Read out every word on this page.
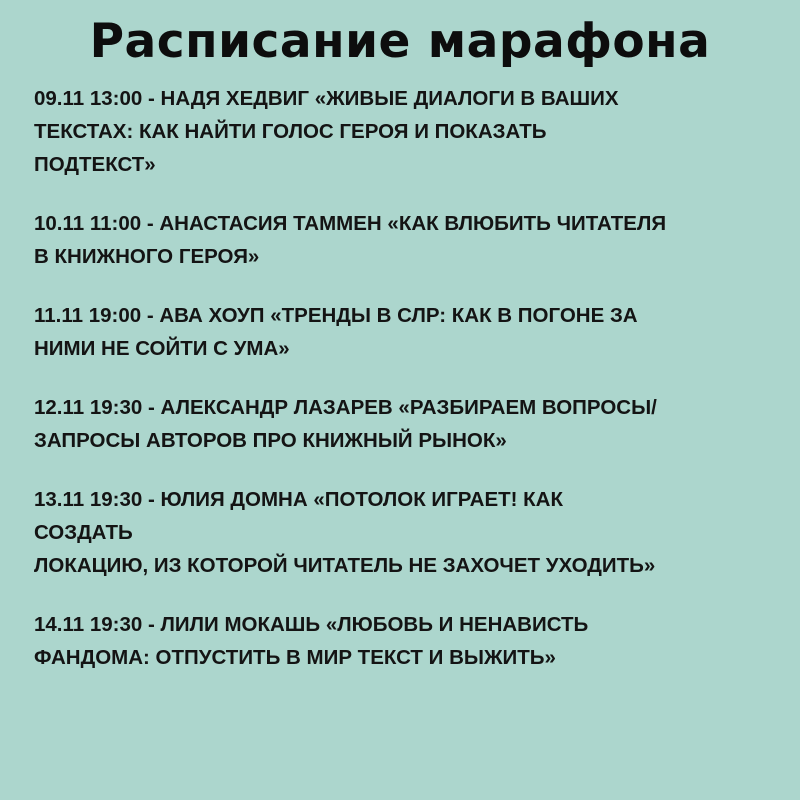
Расписание марафона
09.11 13:00 - НАДЯ ХЕДВИГ «ЖИВЫЕ ДИАЛОГИ В ВАШИХ
ТЕКСТАХ: КАК НАЙТИ ГОЛОС ГЕРОЯ И ПОКАЗАТЬ
ПОДТЕКСТ»
10.11 11:00 - АНАСТАСИЯ ТАММЕН «КАК ВЛЮБИТЬ ЧИТАТЕЛЯ
В КНИЖНОГО ГЕРОЯ»
11.11 19:00 - АВА ХОУП «ТРЕНДЫ В СЛР: КАК В ПОГОНЕ ЗА
НИМИ НЕ СОЙТИ С УМА»
12.11 19:30 - АЛЕКСАНДР ЛАЗАРЕВ «РАЗБИРАЕМ ВОПРОСЫ/
ЗАПРОСЫ АВТОРОВ ПРО КНИЖНЫЙ РЫНОК»
13.11 19:30 - ЮЛИЯ ДОМНА «ПОТОЛОК ИГРАЕТ! КАК
СОЗДАТЬ
ЛОКАЦИЮ, ИЗ КОТОРОЙ ЧИТАТЕЛЬ НЕ ЗАХОЧЕТ УХОДИТЬ»
14.11 19:30 - ЛИЛИ МОКАШЬ «ЛЮБОВЬ И НЕНАВИСТЬ
ФАНДОМА: ОТПУСТИТЬ В МИР ТЕКСТ И ВЫЖИТЬ»
